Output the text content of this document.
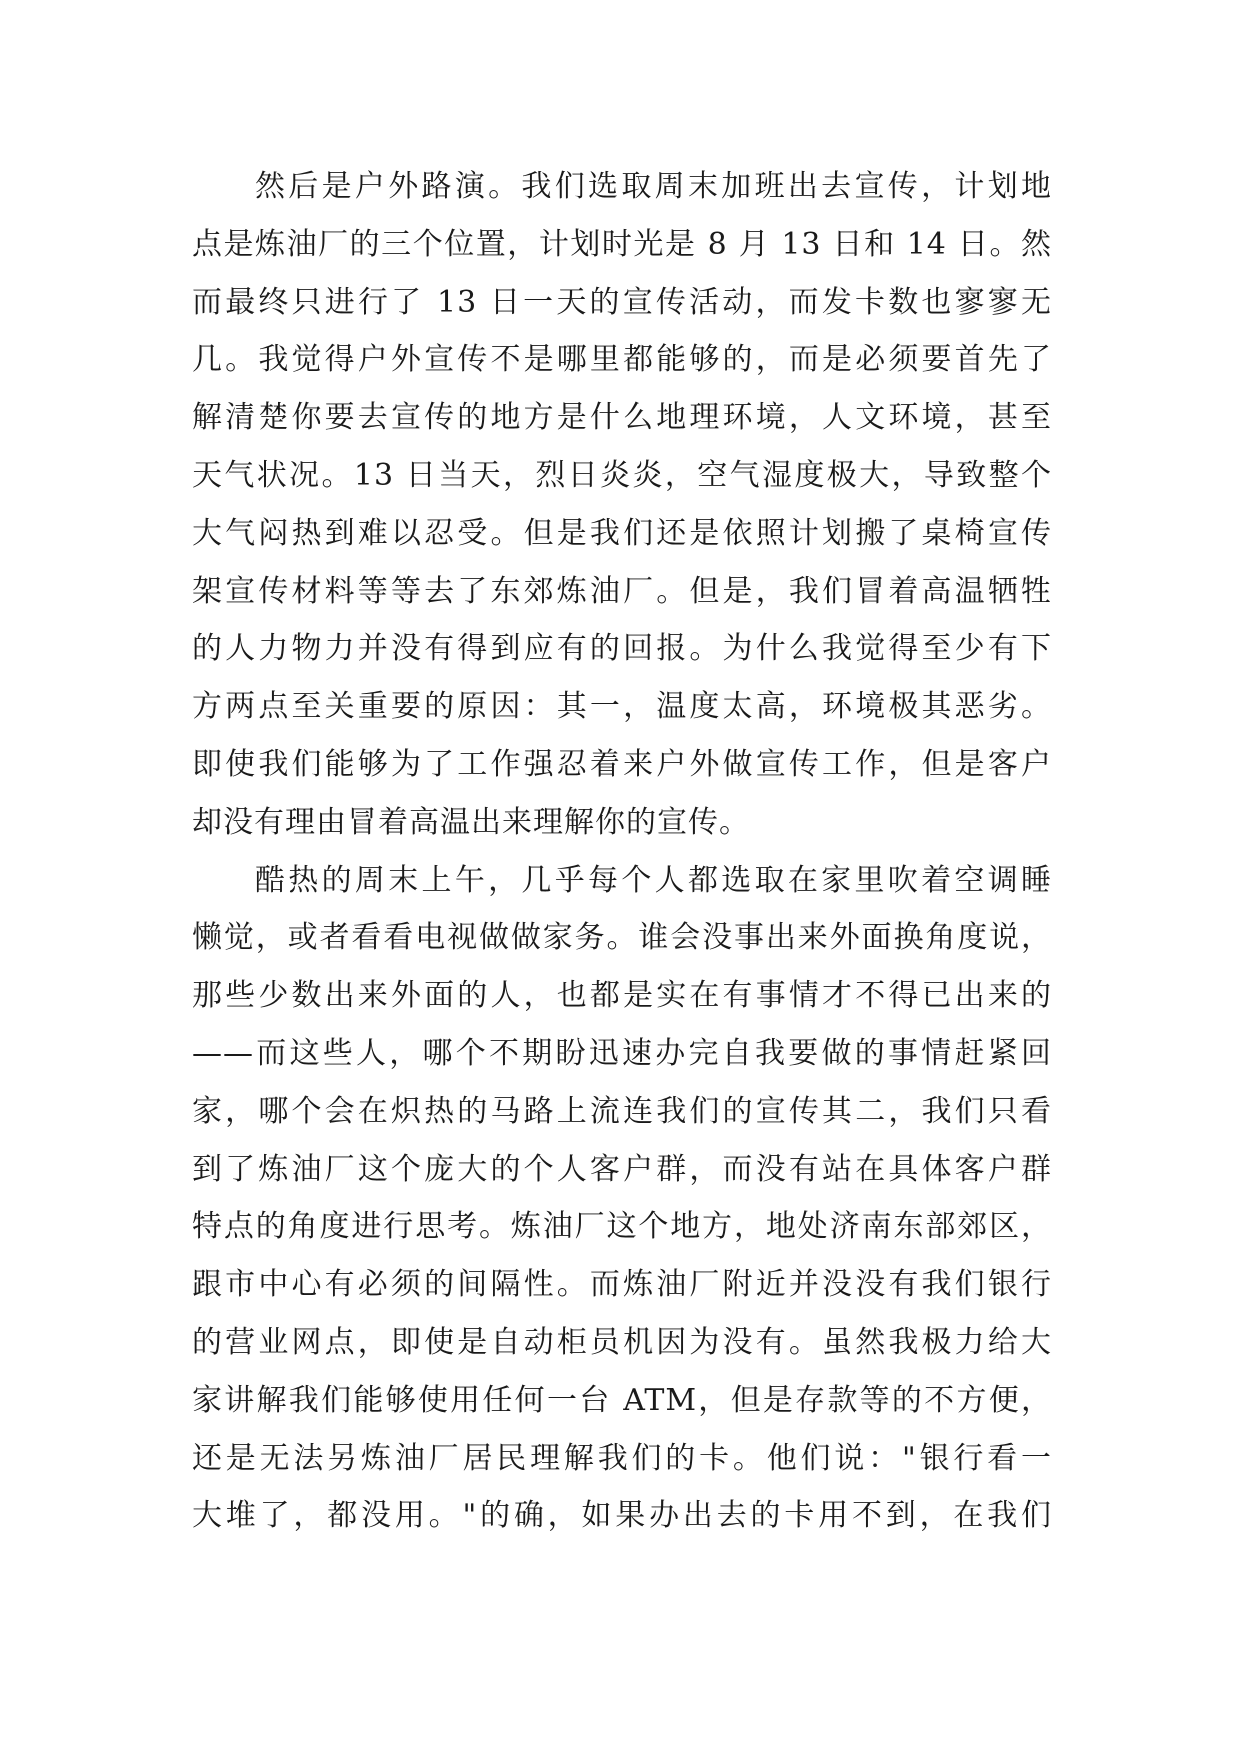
然后是户外路演。我们选取周末加班出去宣传，计划地
点是炼油厂的三个位置，计划时光是 8 月 13 日和 14 日。然
而最终只进行了 13 日一天的宣传活动，而发卡数也寥寥无
几。我觉得户外宣传不是哪里都能够的，而是必须要首先了
解清楚你要去宣传的地方是什么地理环境，人文环境，甚至
天气状况。13 日当天，烈日炎炎，空气湿度极大，导致整个
大气闷热到难以忍受。但是我们还是依照计划搬了桌椅宣传
架宣传材料等等去了东郊炼油厂。但是，我们冒着高温牺牲
的人力物力并没有得到应有的回报。为什么我觉得至少有下
方两点至关重要的原因：其一，温度太高，环境极其恶劣。
即使我们能够为了工作强忍着来户外做宣传工作，但是客户
却没有理由冒着高温出来理解你的宣传。
酷热的周末上午，几乎每个人都选取在家里吹着空调睡
懒觉，或者看看电视做做家务。谁会没事出来外面换角度说，
那些少数出来外面的人，也都是实在有事情才不得已出来的
——而这些人，哪个不期盼迅速办完自我要做的事情赶紧回
家，哪个会在炽热的马路上流连我们的宣传其二，我们只看
到了炼油厂这个庞大的个人客户群，而没有站在具体客户群
特点的角度进行思考。炼油厂这个地方，地处济南东部郊区，
跟市中心有必须的间隔性。而炼油厂附近并没没有我们银行
的营业网点，即使是自动柜员机因为没有。虽然我极力给大
家讲解我们能够使用任何一台 ATM，但是存款等的不方便，
还是无法另炼油厂居民理解我们的卡。他们说："银行看一
大堆了，都没用。"的确，如果办出去的卡用不到，在我们
